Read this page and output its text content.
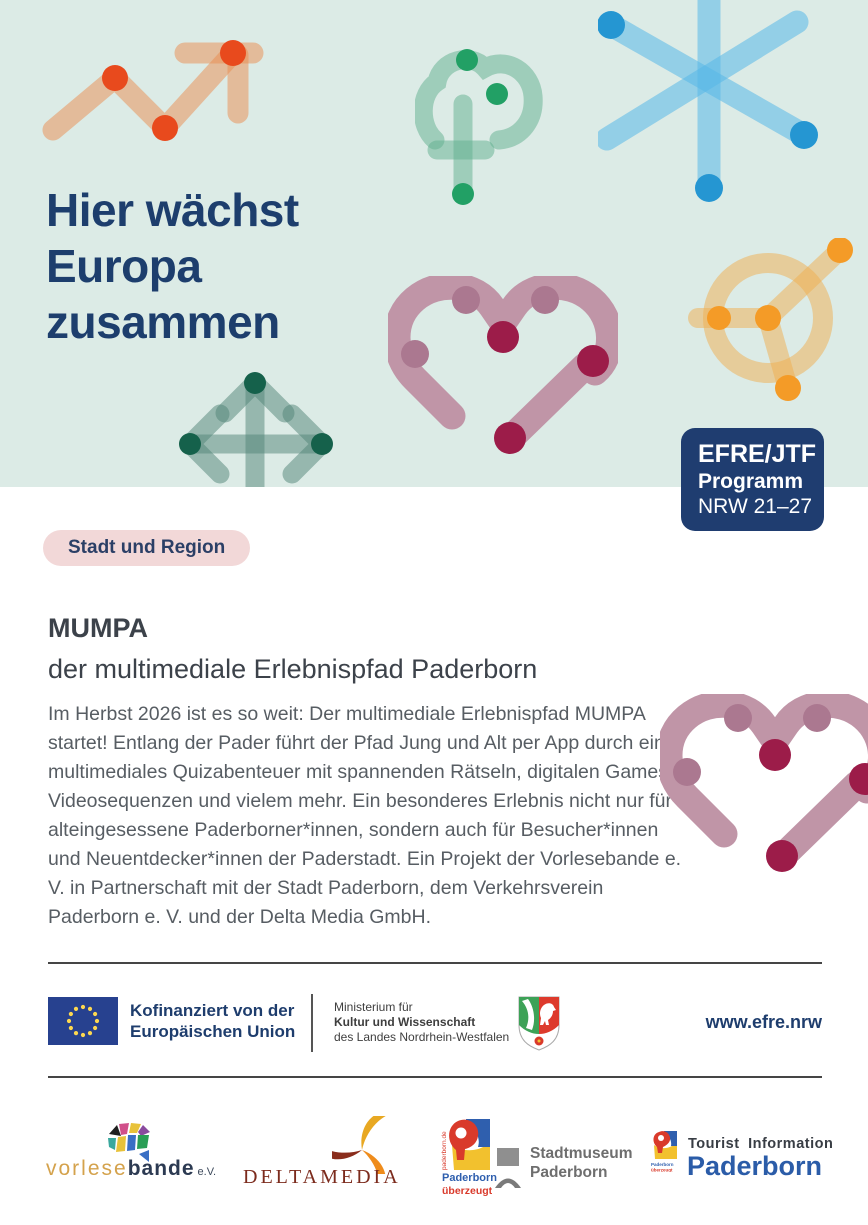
Hier wächst
Europa
zusammen
EFRE/JTF
Programm
NRW 21–27
Stadt und Region
MUMPA
der multimediale Erlebnispfad Paderborn

Im Herbst 2026 ist es so weit: Der multimediale Erlebnispfad MUMPA startet! Entlang der Pader führt der Pfad Jung und Alt per App durch ein multimediales Quizabenteuer mit spannenden Rätseln, digitalen Games, Videosequenzen und vielem mehr. Ein besonderes Erlebnis nicht nur für alteingesessene Paderborner*innen, sondern auch für Besucher*innen und Neuentdecker*innen der Paderstadt. Ein Projekt der Vorlesebande e. V. in Partnerschaft mit der Stadt Paderborn, dem Verkehrsverein Paderborn e. V. und der Delta Media GmbH.

Kofinanziert von der
Europäischen Union
Ministerium für
Kultur und Wissenschaft
des Landes Nordrhein-Westfalen
www.efre.nrw
vorlesebande e.V. DELTAMEDIA
paderborn.de
Paderborn
überzeugt
Stadtmuseum
Paderborn	Paderborn
überzeugt
Tourist Information
Paderborn
